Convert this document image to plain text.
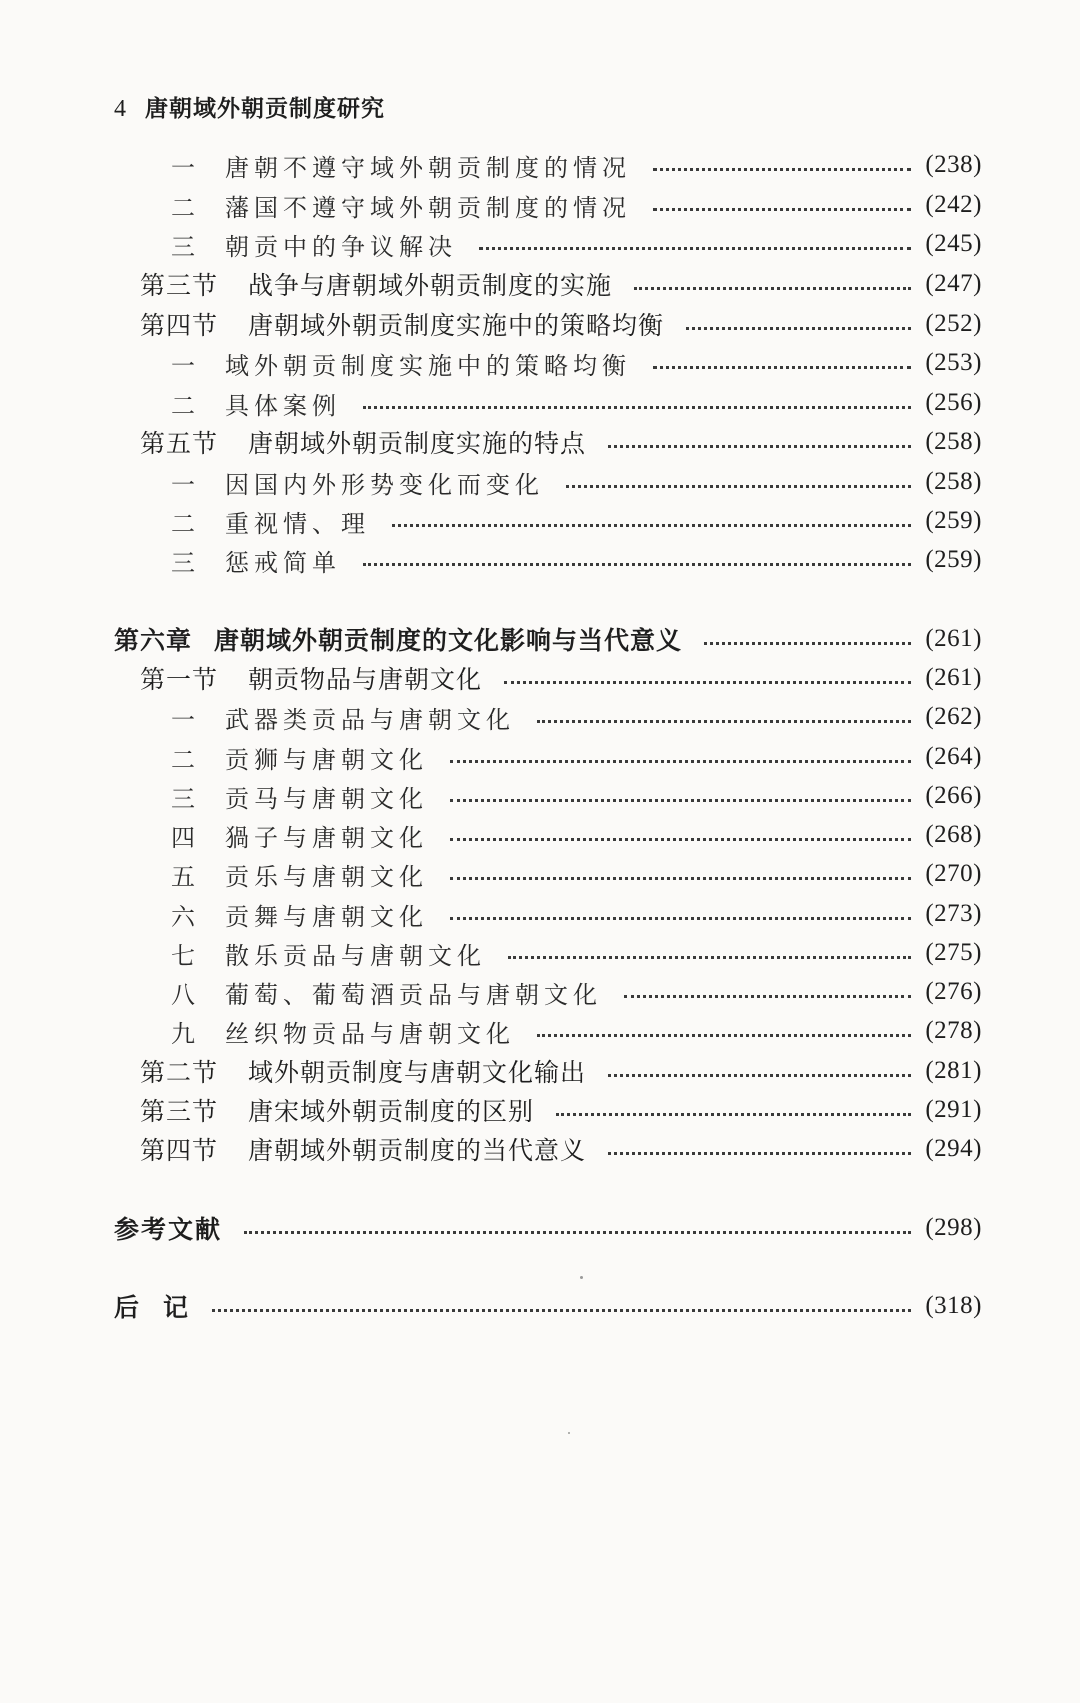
4 唐朝域外朝贡制度研究
一	唐朝不遵守域外朝贡制度的情况	(238)
二	藩国不遵守域外朝贡制度的情况	(242)
三	朝贡中的争议解决	(245)
第三节 战争与唐朝域外朝贡制度的实施	(247)
第四节 唐朝域外朝贡制度实施中的策略均衡	(252)
一	域外朝贡制度实施中的策略均衡	(253)
二	具体案例	(256)
第五节 唐朝域外朝贡制度实施的特点	(258)
一	因国内外形势变化而变化	(258)
二	重视情、理	(259)
三	惩戒简单	(259)
第六章 唐朝域外朝贡制度的文化影响与当代意义	(261)
第一节 朝贡物品与唐朝文化	(261)
一	武器类贡品与唐朝文化	(262)
二	贡狮与唐朝文化	(264)
三	贡马与唐朝文化	(266)
四	猧子与唐朝文化	(268)
五	贡乐与唐朝文化	(270)
六	贡舞与唐朝文化	(273)
七	散乐贡品与唐朝文化	(275)
八	葡萄、葡萄酒贡品与唐朝文化	(276)
九	丝织物贡品与唐朝文化	(278)
第二节 域外朝贡制度与唐朝文化输出	(281)
第三节 唐宋域外朝贡制度的区别	(291)
第四节 唐朝域外朝贡制度的当代意义	(294)
参考文献	(298)
后记	(318)
